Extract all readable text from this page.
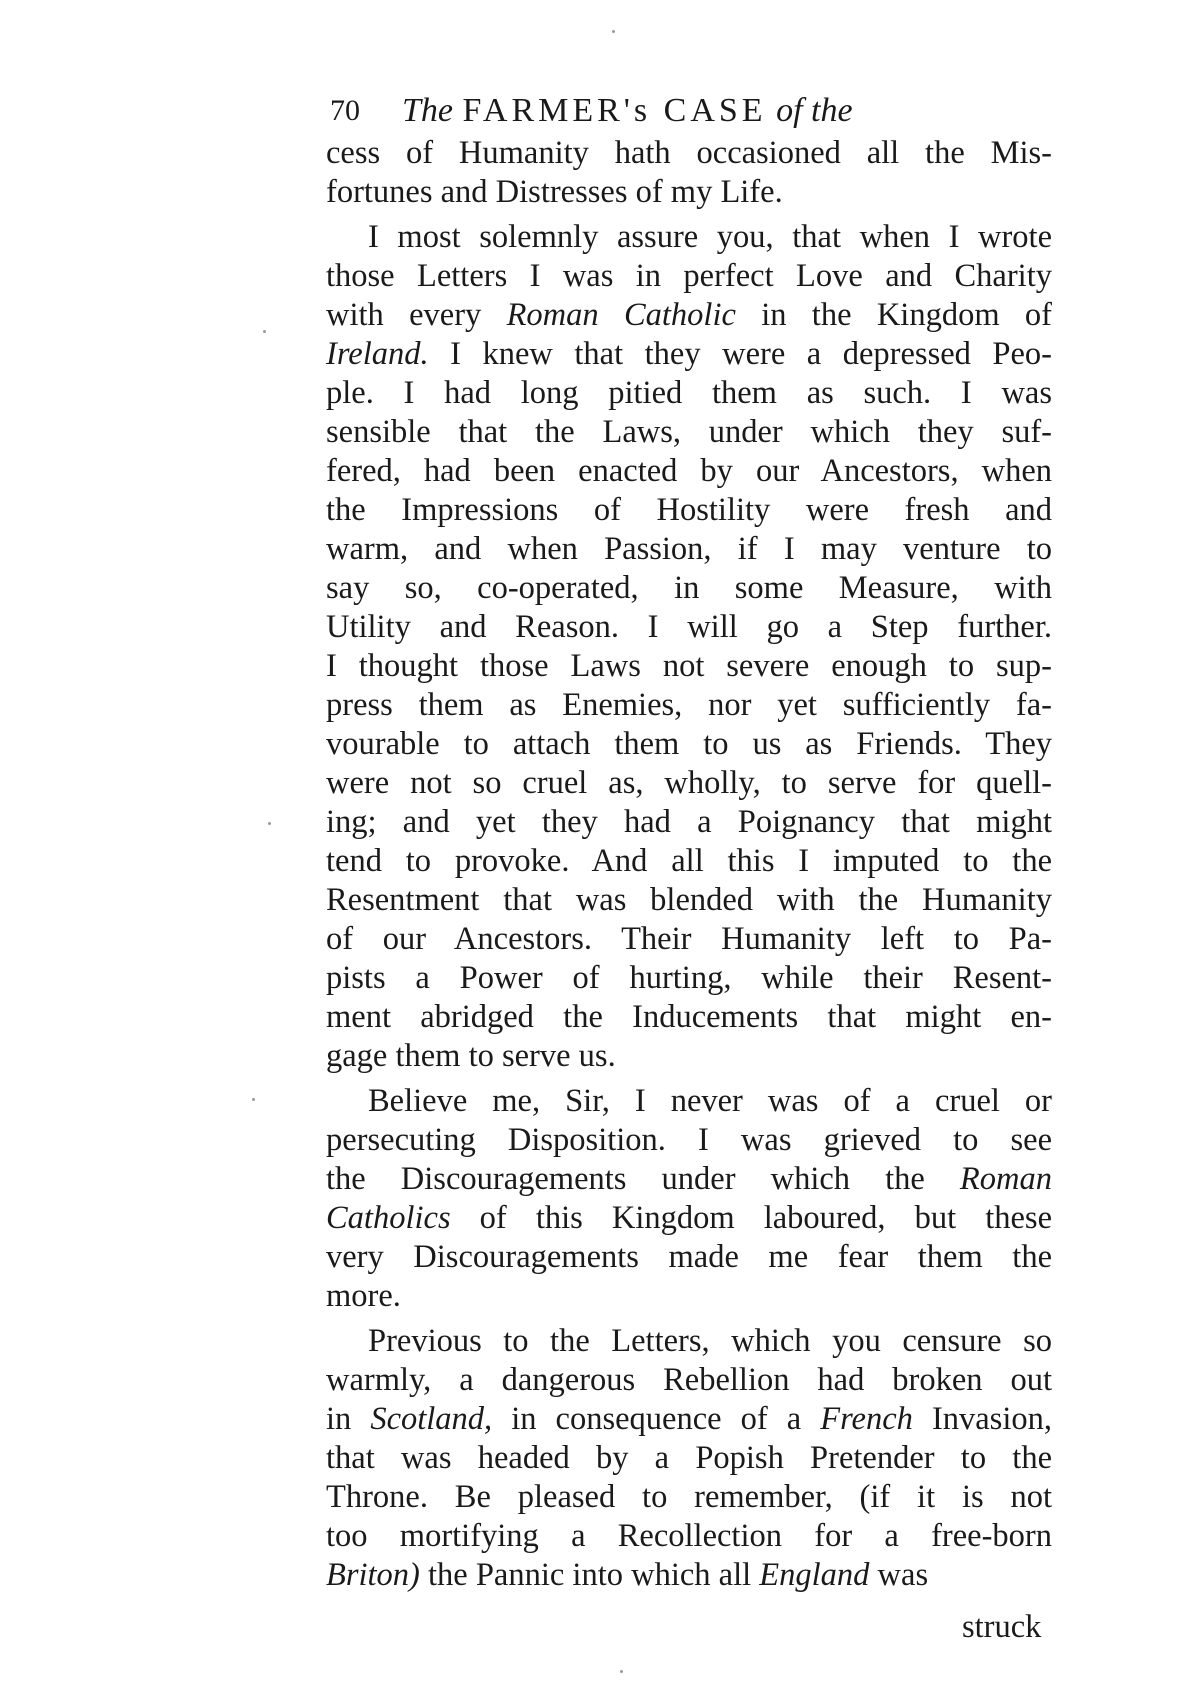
70 The FARMER's CASE of the
cess of Humanity hath occasioned all the Mis-
fortunes and Distresses of my Life.
I most solemnly assure you, that when I wrote
those Letters I was in perfect Love and Charity
with every Roman Catholic in the Kingdom of
Ireland. I knew that they were a depressed Peo-
ple. I had long pitied them as such. I was
sensible that the Laws, under which they suf-
fered, had been enacted by our Ancestors, when
the Impressions of Hostility were fresh and
warm, and when Passion, if I may venture to
say so, co-operated, in some Measure, with
Utility and Reason. I will go a Step further.
I thought those Laws not severe enough to sup-
press them as Enemies, nor yet sufficiently fa-
vourable to attach them to us as Friends. They
were not so cruel as, wholly, to serve for quell-
ing; and yet they had a Poignancy that might
tend to provoke. And all this I imputed to the
Resentment that was blended with the Humanity
of our Ancestors. Their Humanity left to Pa-
pists a Power of hurting, while their Resent-
ment abridged the Inducements that might en-
gage them to serve us.
Believe me, Sir, I never was of a cruel or
persecuting Disposition. I was grieved to see
the Discouragements under which the Roman
Catholics of this Kingdom laboured, but these
very Discouragements made me fear them the
more.
Previous to the Letters, which you censure so
warmly, a dangerous Rebellion had broken out
in Scotland, in consequence of a French Invasion,
that was headed by a Popish Pretender to the
Throne. Be pleased to remember, (if it is not
too mortifying a Recollection for a free-born
Briton) the Pannic into which all England was
struck
